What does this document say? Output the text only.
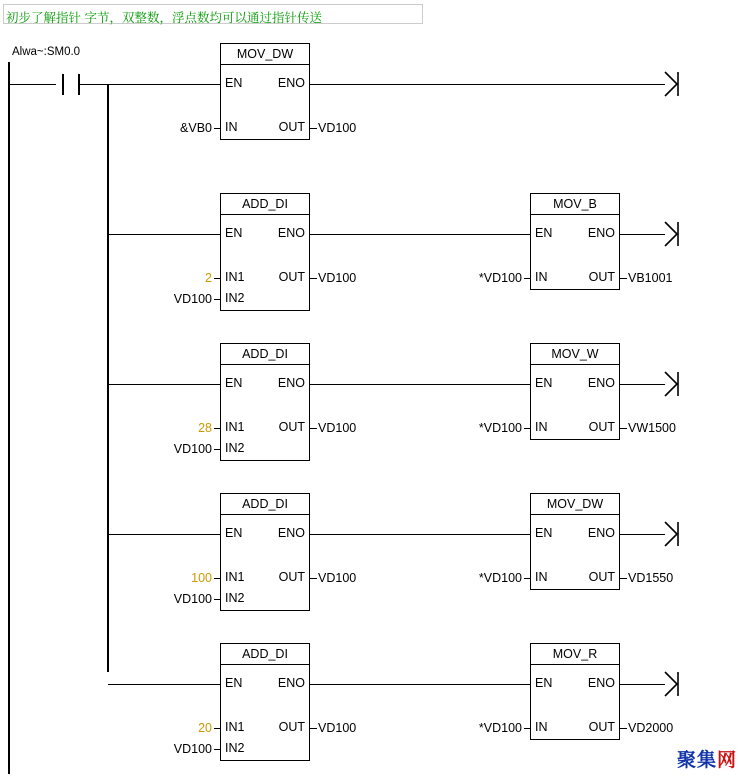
初步了解指针 字节，双整数，浮点数均可以通过指针传送
Alwa~:SM0.0	MOV_DW
EN	ENO
IN	OUT
&VB0	VD100
ADD_DI
EN	ENO
IN1	OUT
IN2
2
VD100
VD100
MOV_B
EN	ENO
IN	OUT
*VD100	VB1001
ADD_DI
EN	ENO
IN1	OUT
IN2
28
VD100
VD100
MOV_W
EN	ENO
IN	OUT
*VD100	VW1500
ADD_DI
EN	ENO
IN1	OUT
IN2
100
VD100
VD100
MOV_DW
EN	ENO
IN	OUT
*VD100	VD1550
ADD_DI
EN	ENO
IN1	OUT
IN2
20
VD100
VD100
MOV_R
EN	ENO
IN	OUT
*VD100	VD2000
聚集网
